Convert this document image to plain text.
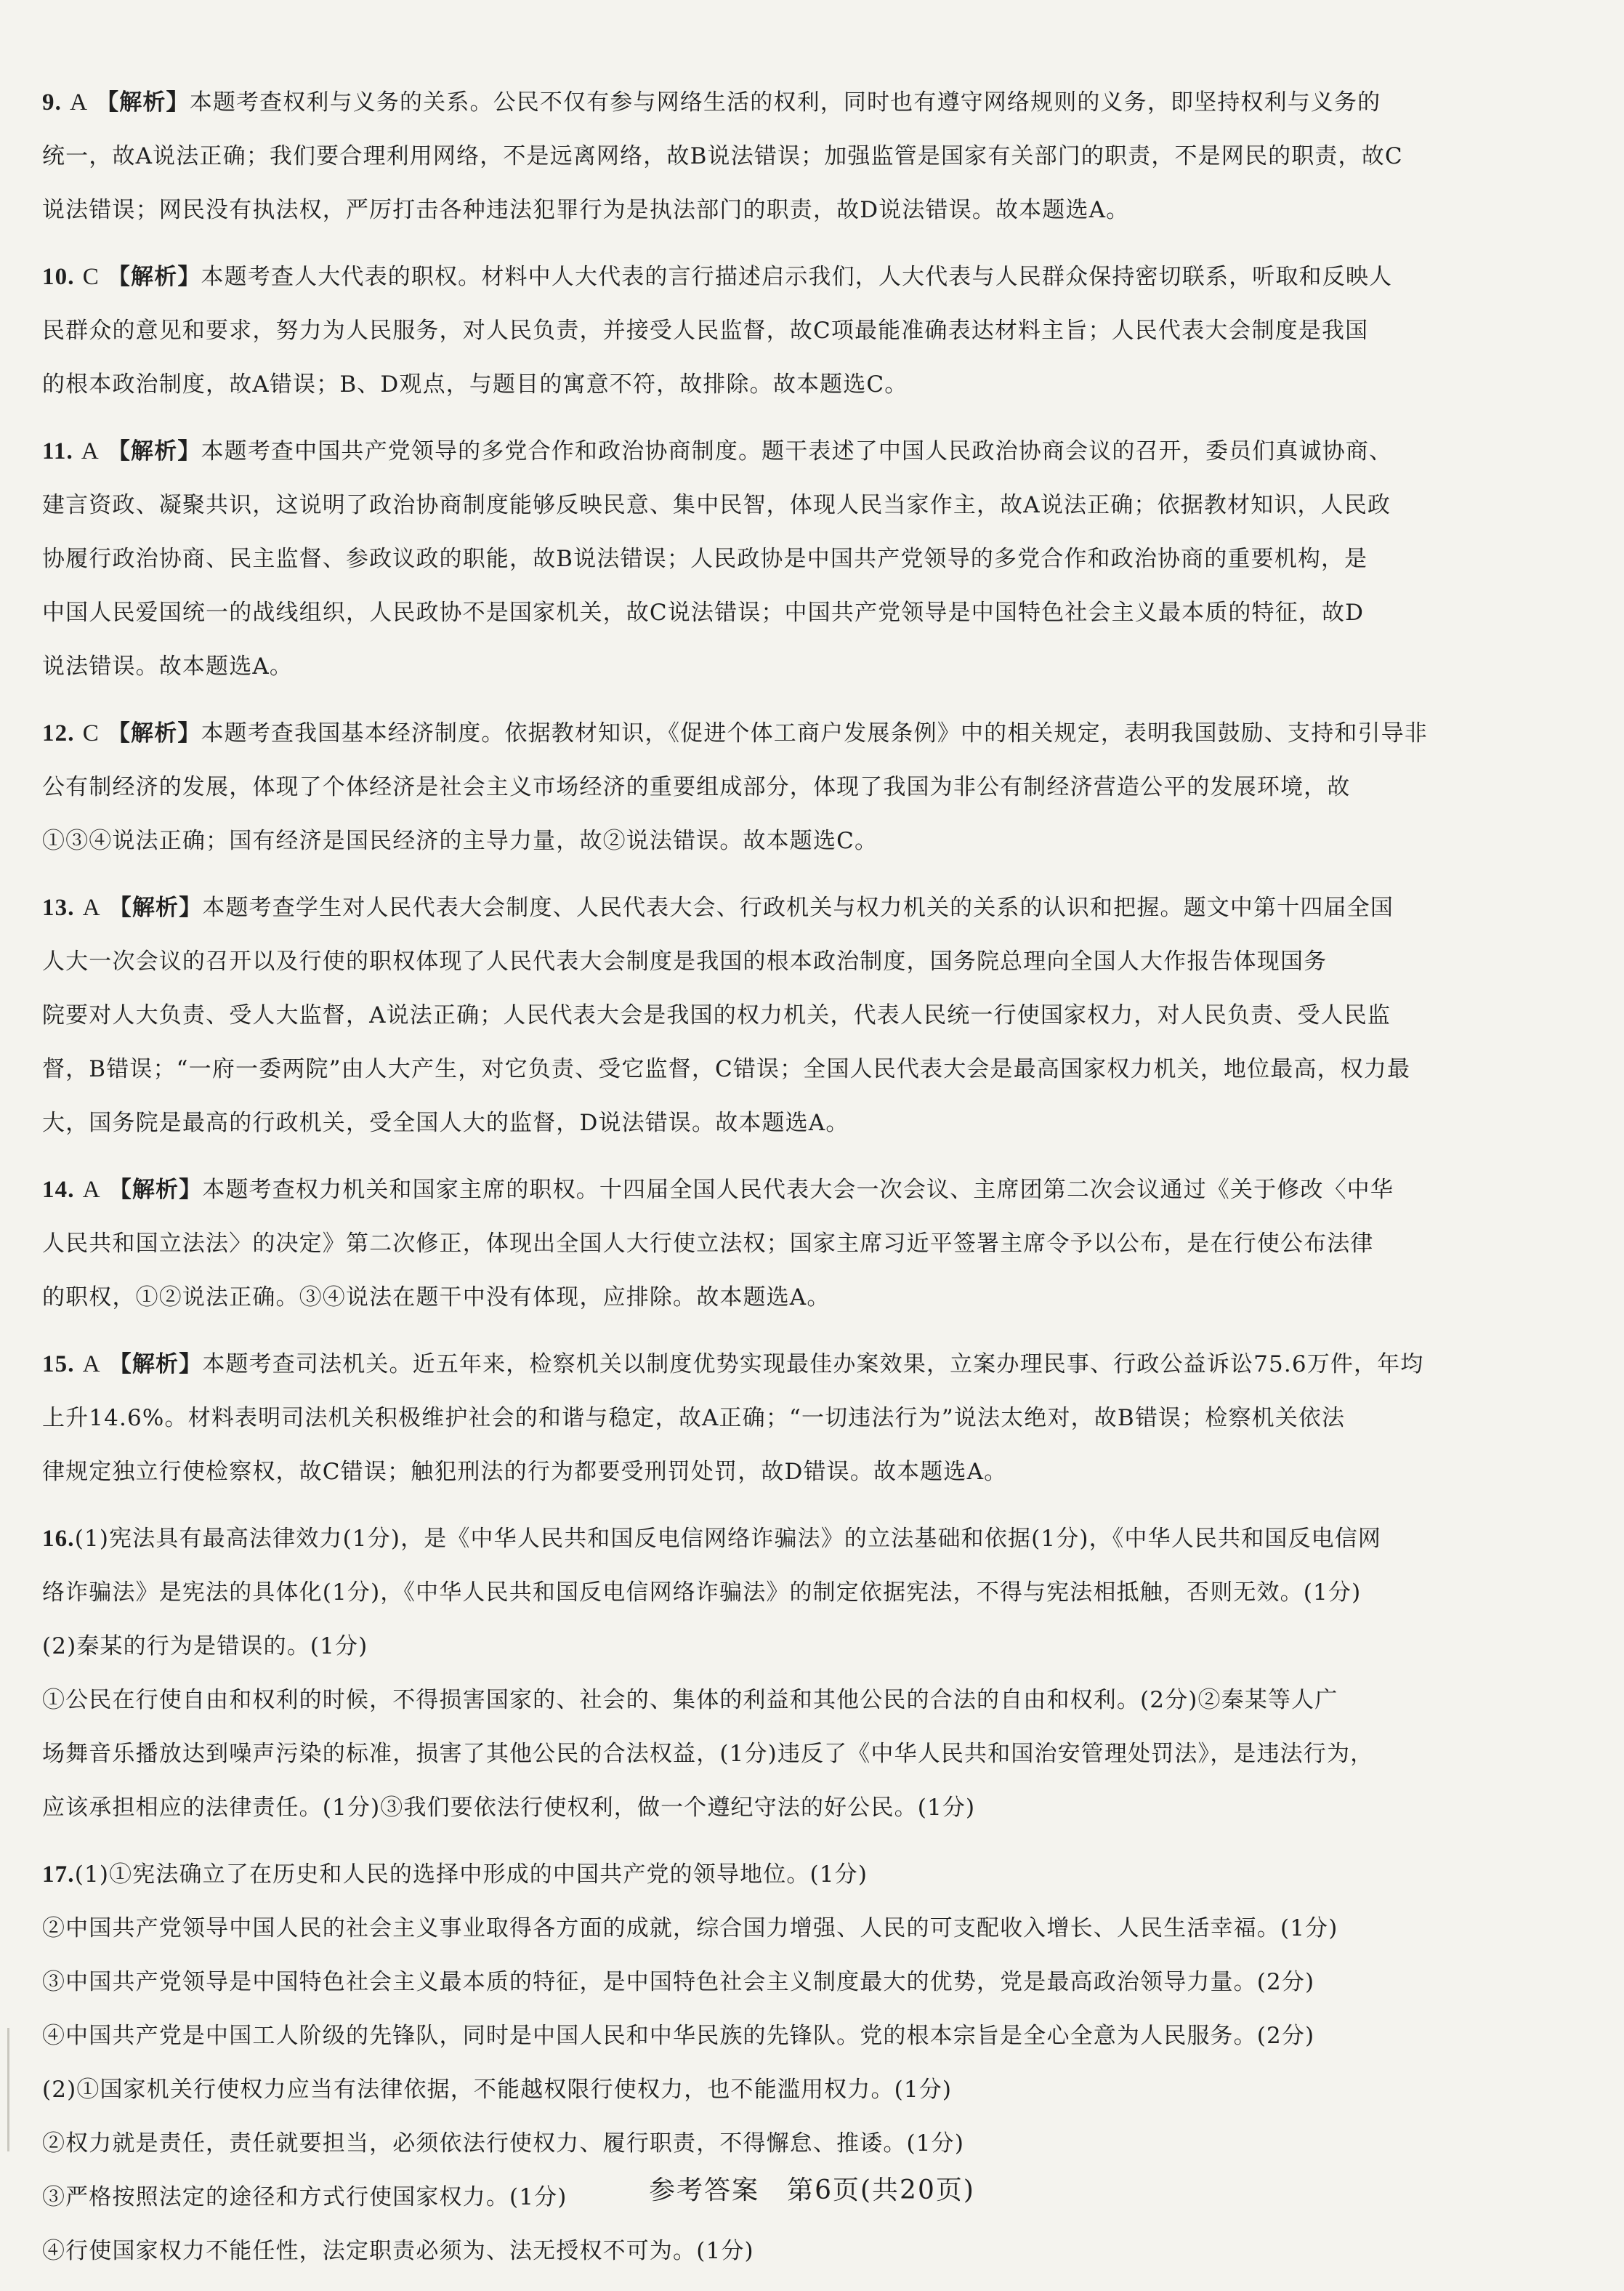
9. A 【解析】本题考查权利与义务的关系。公民不仅有参与网络生活的权利，同时也有遵守网络规则的义务，即坚持权利与义务的
统一，故A说法正确；我们要合理利用网络，不是远离网络，故B说法错误；加强监管是国家有关部门的职责，不是网民的职责，故C
说法错误；网民没有执法权，严厉打击各种违法犯罪行为是执法部门的职责，故D说法错误。故本题选A。
10. C 【解析】本题考查人大代表的职权。材料中人大代表的言行描述启示我们，人大代表与人民群众保持密切联系，听取和反映人
民群众的意见和要求，努力为人民服务，对人民负责，并接受人民监督，故C项最能准确表达材料主旨；人民代表大会制度是我国
的根本政治制度，故A错误；B、D观点，与题目的寓意不符，故排除。故本题选C。
11. A 【解析】本题考查中国共产党领导的多党合作和政治协商制度。题干表述了中国人民政治协商会议的召开，委员们真诚协商、
建言资政、凝聚共识，这说明了政治协商制度能够反映民意、集中民智，体现人民当家作主，故A说法正确；依据教材知识，人民政
协履行政治协商、民主监督、参政议政的职能，故B说法错误；人民政协是中国共产党领导的多党合作和政治协商的重要机构，是
中国人民爱国统一的战线组织，人民政协不是国家机关，故C说法错误；中国共产党领导是中国特色社会主义最本质的特征，故D
说法错误。故本题选A。
12. C 【解析】本题考查我国基本经济制度。依据教材知识，《促进个体工商户发展条例》中的相关规定，表明我国鼓励、支持和引导非
公有制经济的发展，体现了个体经济是社会主义市场经济的重要组成部分，体现了我国为非公有制经济营造公平的发展环境，故
①③④说法正确；国有经济是国民经济的主导力量，故②说法错误。故本题选C。
13. A 【解析】本题考查学生对人民代表大会制度、人民代表大会、行政机关与权力机关的关系的认识和把握。题文中第十四届全国
人大一次会议的召开以及行使的职权体现了人民代表大会制度是我国的根本政治制度，国务院总理向全国人大作报告体现国务
院要对人大负责、受人大监督，A说法正确；人民代表大会是我国的权力机关，代表人民统一行使国家权力，对人民负责、受人民监
督，B错误；“一府一委两院”由人大产生，对它负责、受它监督，C错误；全国人民代表大会是最高国家权力机关，地位最高，权力最
大，国务院是最高的行政机关，受全国人大的监督，D说法错误。故本题选A。
14. A 【解析】本题考查权力机关和国家主席的职权。十四届全国人民代表大会一次会议、主席团第二次会议通过《关于修改〈中华
人民共和国立法法〉的决定》第二次修正，体现出全国人大行使立法权；国家主席习近平签署主席令予以公布，是在行使公布法律
的职权，①②说法正确。③④说法在题干中没有体现，应排除。故本题选A。
15. A 【解析】本题考查司法机关。近五年来，检察机关以制度优势实现最佳办案效果，立案办理民事、行政公益诉讼75.6万件，年均
上升14.6%。材料表明司法机关积极维护社会的和谐与稳定，故A正确；“一切违法行为”说法太绝对，故B错误；检察机关依法
律规定独立行使检察权，故C错误；触犯刑法的行为都要受刑罚处罚，故D错误。故本题选A。
16.(1)宪法具有最高法律效力(1分)，是《中华人民共和国反电信网络诈骗法》的立法基础和依据(1分)，《中华人民共和国反电信网
络诈骗法》是宪法的具体化(1分)，《中华人民共和国反电信网络诈骗法》的制定依据宪法，不得与宪法相抵触，否则无效。(1分)
(2)秦某的行为是错误的。(1分)
①公民在行使自由和权利的时候，不得损害国家的、社会的、集体的利益和其他公民的合法的自由和权利。(2分)②秦某等人广
场舞音乐播放达到噪声污染的标准，损害了其他公民的合法权益，(1分)违反了《中华人民共和国治安管理处罚法》，是违法行为，
应该承担相应的法律责任。(1分)③我们要依法行使权利，做一个遵纪守法的好公民。(1分)
17.(1)①宪法确立了在历史和人民的选择中形成的中国共产党的领导地位。(1分)
②中国共产党领导中国人民的社会主义事业取得各方面的成就，综合国力增强、人民的可支配收入增长、人民生活幸福。(1分)
③中国共产党领导是中国特色社会主义最本质的特征，是中国特色社会主义制度最大的优势，党是最高政治领导力量。(2分)
④中国共产党是中国工人阶级的先锋队，同时是中国人民和中华民族的先锋队。党的根本宗旨是全心全意为人民服务。(2分)
(2)①国家机关行使权力应当有法律依据，不能越权限行使权力，也不能滥用权力。(1分)
②权力就是责任，责任就要担当，必须依法行使权力、履行职责，不得懈怠、推诿。(1分)
③严格按照法定的途径和方式行使国家权力。(1分)
④行使国家权力不能任性，法定职责必须为、法无授权不可为。(1分)
参考答案　第6页(共20页)
